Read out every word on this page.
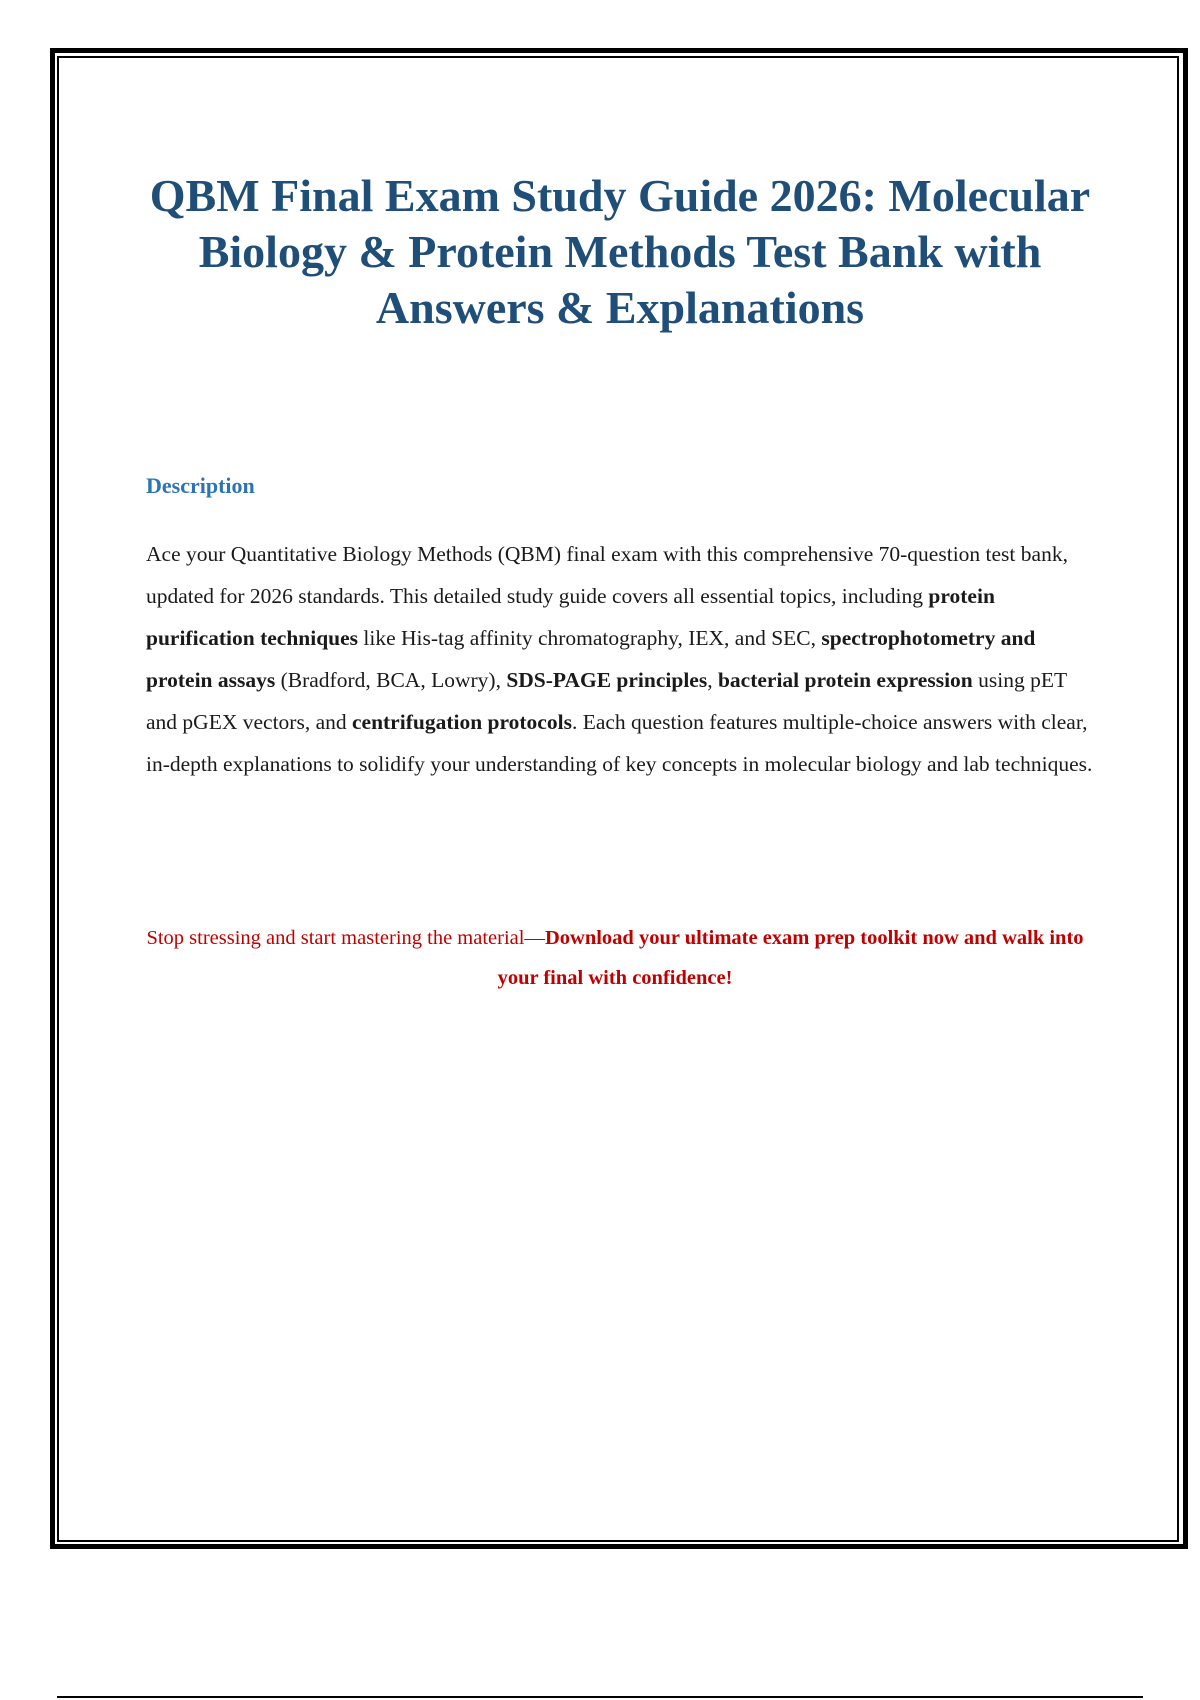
QBM Final Exam Study Guide 2026: Molecular Biology & Protein Methods Test Bank with Answers & Explanations
Description

Ace your Quantitative Biology Methods (QBM) final exam with this comprehensive 70-question test bank, updated for 2026 standards. This detailed study guide covers all essential topics, including protein purification techniques like His-tag affinity chromatography, IEX, and SEC, spectrophotometry and protein assays (Bradford, BCA, Lowry), SDS-PAGE principles, bacterial protein expression using pET and pGEX vectors, and centrifugation protocols. Each question features multiple-choice answers with clear, in-depth explanations to solidify your understanding of key concepts in molecular biology and lab techniques.

Stop stressing and start mastering the material—Download your ultimate exam prep toolkit now and walk into your final with confidence!
